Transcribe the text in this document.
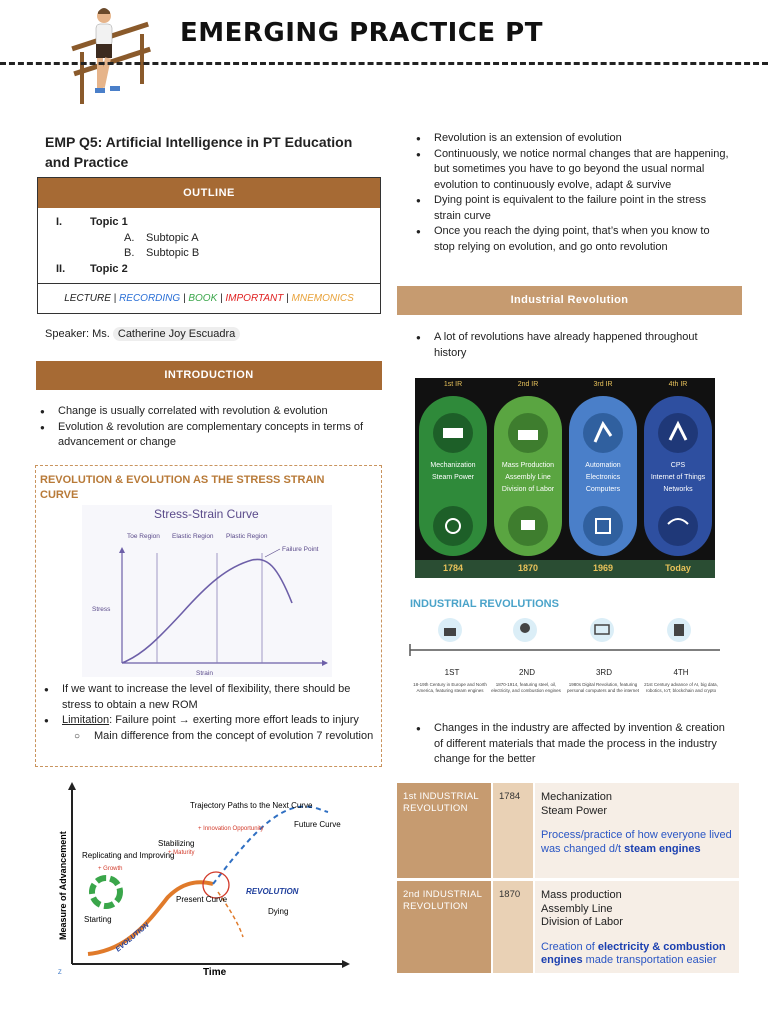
EMERGING PRACTICE PT
EMP Q5: Artificial Intelligence in PT Education
and Practice
OUTLINE
I.	Topic 1
A.	Subtopic A
B.	Subtopic B
II.	Topic 2
LECTURE | RECORDING | BOOK | IMPORTANT | MNEMONICS
Speaker: Ms. Catherine Joy Escuadra
INTRODUCTION
● Change is usually correlated with revolution & evolution
● Evolution & revolution are complementary concepts in terms of advancement or change
REVOLUTION & EVOLUTION AS THE STRESS STRAIN CURVE
Stress-Strain Curve
Toe Region Elastic Region Plastic Region
Failure Point
Stress
Strain
● If we want to increase the level of flexibility, there should be stress to obtain a new ROM
● Limitation: Failure point → exerting more effort leads to injury
○ Main difference from the concept of evolution 7 revolution
Measure of Advancement
Time
Replicating and Improving
+ Growth
Stabilizing
+ Maturity
Trajectory Paths to the Next Curve
+ Innovation Opportunity	Future Curve
Present Curve
Starting
Dying
REVOLUTION
EVOLUTION
Z
● Revolution is an extension of evolution
● Continuously, we notice normal changes that are happening, but sometimes you have to go beyond the usual normal evolution to continuously evolve, adapt & survive
● Dying point is equivalent to the failure point in the stress strain curve
● Once you reach the dying point, that’s when you know to stop relying on evolution, and go onto revolution
Industrial Revolution
● A lot of revolutions have already happened throughout history
1st IR	2nd IR	3rd IR	4th IR
Mechanization
Steam Power
Mass Production
Assembly Line
Division of Labor
Automation
Electronics
Computers
CPS
Internet of Things
Networks
1784	1870	1969	Today
INDUSTRIAL REVOLUTIONS
1ST	2ND	3RD	4TH
18-19th Century in Europe and North America, featuring steam engines
1870-1914, featuring steel, oil, electricity, and combustion engines
1980s Digital Revolution, featuring personal computers and the internet
21st Century advance of AI, big data, robotics, IoT, blockchain and crypto
● Changes in the industry are affected by invention & creation of different materials that made the process in the industry change for the better
1st INDUSTRIAL REVOLUTION
1784	Mechanization
Steam Power
Process/practice of how everyone lived was changed d/t steam engines
2nd INDUSTRIAL REVOLUTION
1870	Mass production
Assembly Line
Division of Labor
Creation of electricity & combustion engines made transportation easier
